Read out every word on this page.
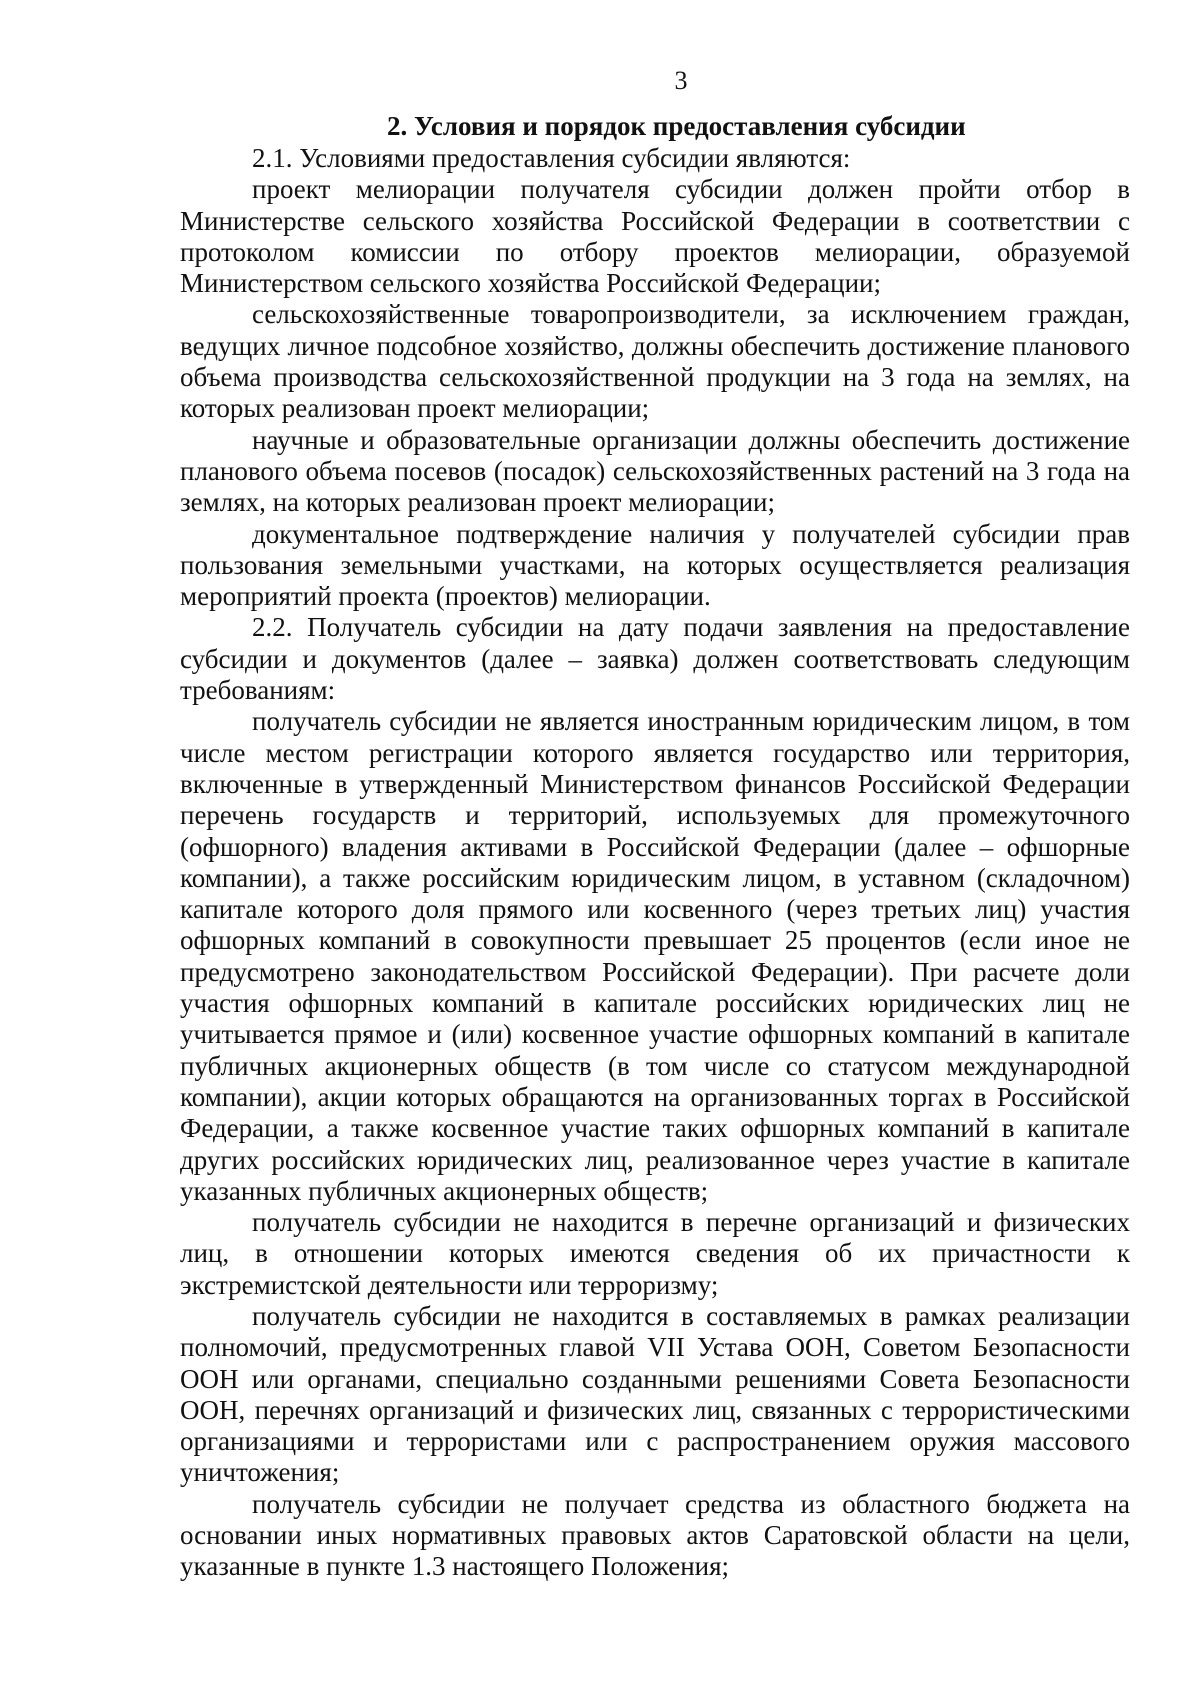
3
2. Условия и порядок предоставления субсидии

2.1. Условиями предоставления субсидии являются:

проект мелиорации получателя субсидии должен пройти отбор в Министерстве сельского хозяйства Российской Федерации в соответствии с протоколом комиссии по отбору проектов мелиорации, образуемой Министерством сельского хозяйства Российской Федерации;

сельскохозяйственные товаропроизводители, за исключением граждан, ведущих личное подсобное хозяйство, должны обеспечить достижение планового объема производства сельскохозяйственной продукции на 3 года на землях, на которых реализован проект мелиорации;

научные и образовательные организации должны обеспечить достижение планового объема посевов (посадок) сельскохозяйственных растений на 3 года на землях, на которых реализован проект мелиорации;

документальное подтверждение наличия у получателей субсидии прав пользования земельными участками, на которых осуществляется реализация мероприятий проекта (проектов) мелиорации.

2.2. Получатель субсидии на дату подачи заявления на предоставление субсидии и документов (далее – заявка) должен соответствовать следующим требованиям:

получатель субсидии не является иностранным юридическим лицом, в том числе местом регистрации которого является государство или территория, включенные в утвержденный Министерством финансов Российской Федерации перечень государств и территорий, используемых для промежуточного (офшорного) владения активами в Российской Федерации (далее – офшорные компании), а также российским юридическим лицом, в уставном (складочном) капитале которого доля прямого или косвенного (через третьих лиц) участия офшорных компаний в совокупности превышает 25 процентов (если иное не предусмотрено законодательством Российской Федерации). При расчете доли участия офшорных компаний в капитале российских юридических лиц не учитывается прямое и (или) косвенное участие офшорных компаний в капитале публичных акционерных обществ (в том числе со статусом международной компании), акции которых обращаются на организованных торгах в Российской Федерации, а также косвенное участие таких офшорных компаний в капитале других российских юридических лиц, реализованное через участие в капитале указанных публичных акционерных обществ;

получатель субсидии не находится в перечне организаций и физических лиц, в отношении которых имеются сведения об их причастности к экстремистской деятельности или терроризму;

получатель субсидии не находится в составляемых в рамках реализации полномочий, предусмотренных главой VII Устава ООН, Советом Безопасности ООН или органами, специально созданными решениями Совета Безопасности ООН, перечнях организаций и физических лиц, связанных с террористическими организациями и террористами или с распространением оружия массового уничтожения;

получатель субсидии не получает средства из областного бюджета на основании иных нормативных правовых актов Саратовской области на цели, указанные в пункте 1.3 настоящего Положения;
